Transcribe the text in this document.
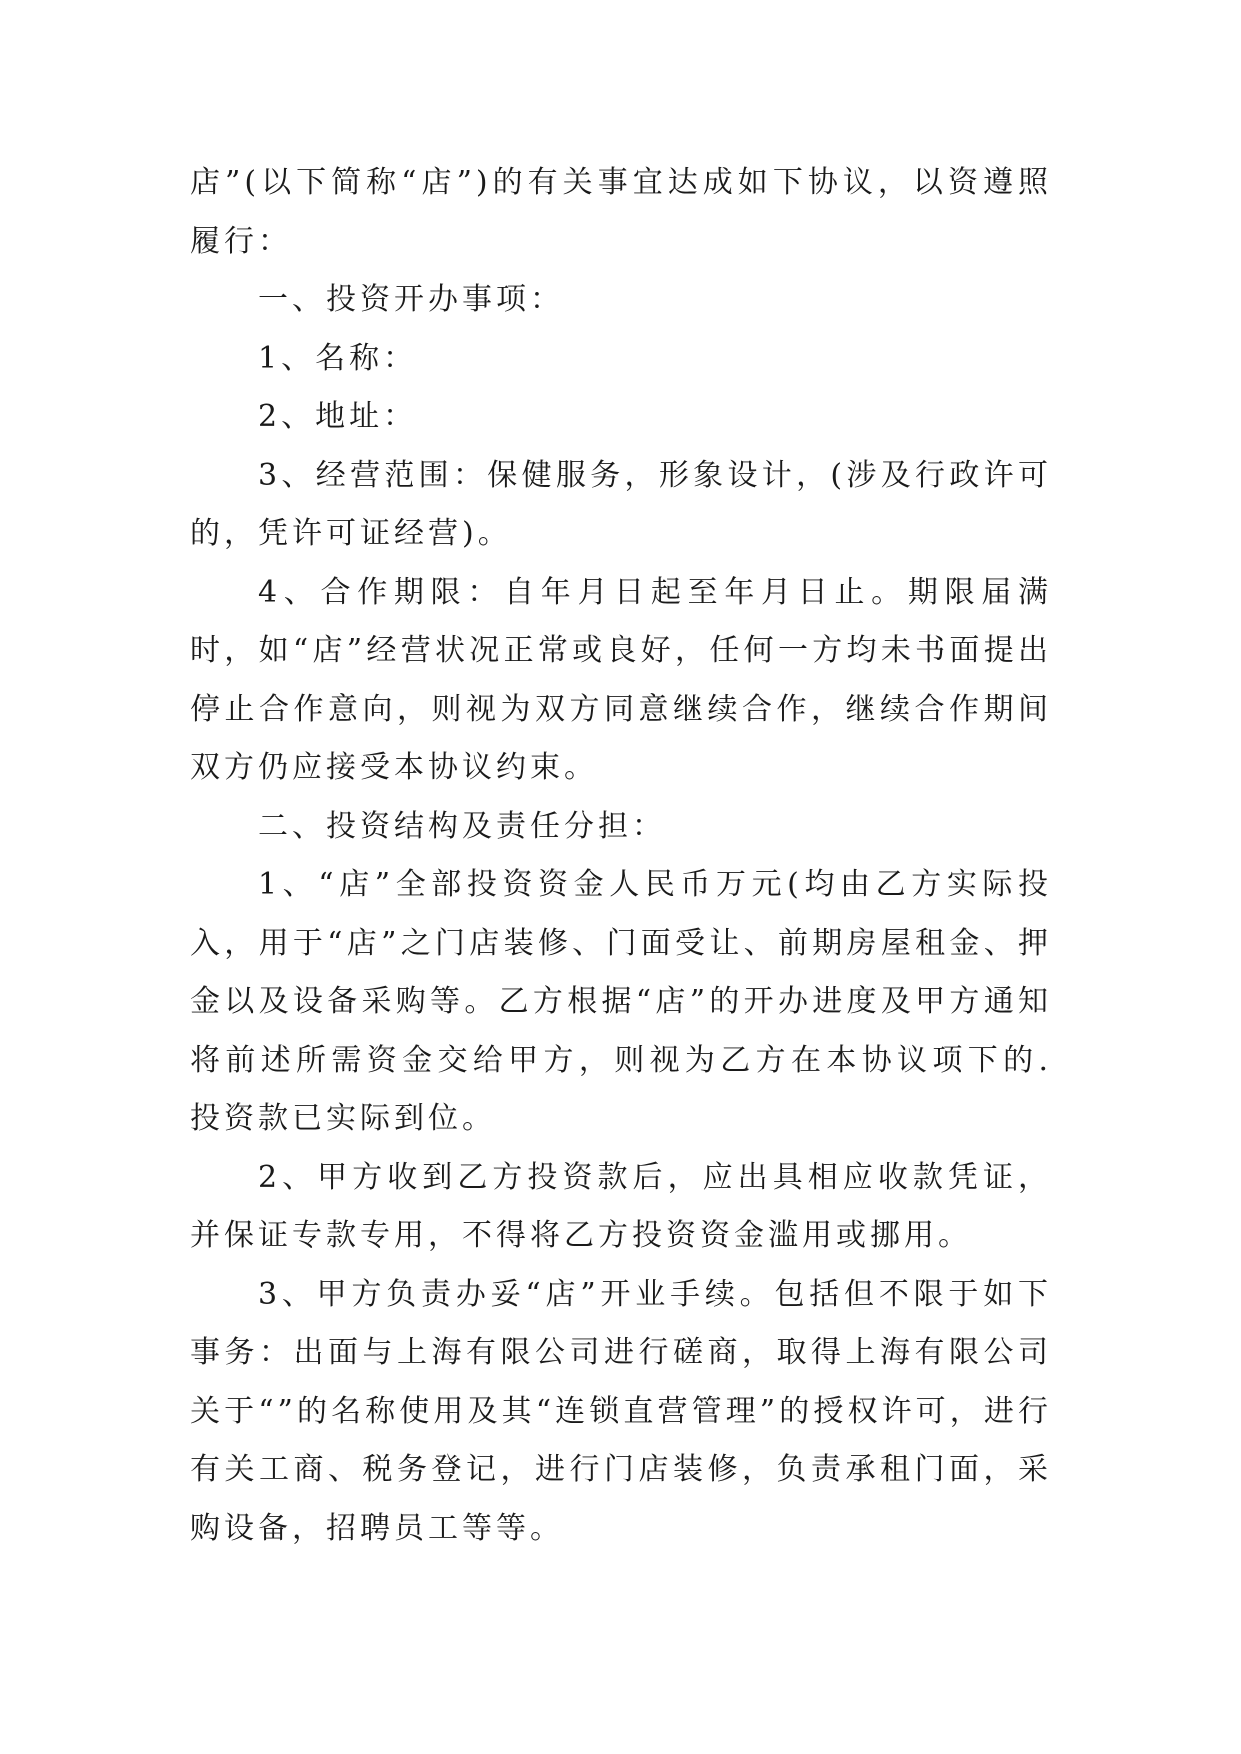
店”(以下简称“店”)的有关事宜达成如下协议，以资遵照履行：

一、投资开办事项：

1、名称：

2、地址：

3、经营范围：保健服务，形象设计，(涉及行政许可的，凭许可证经营)。

4、合作期限：自年月日起至年月日止。期限届满时，如“店”经营状况正常或良好，任何一方均未书面提出停止合作意向，则视为双方同意继续合作，继续合作期间双方仍应接受本协议约束。

二、投资结构及责任分担：

1、“店”全部投资资金人民币万元(均由乙方实际投入，用于“店”之门店装修、门面受让、前期房屋租金、押金以及设备采购等。乙方根据“店”的开办进度及甲方通知将前述所需资金交给甲方，则视为乙方在本协议项下的.投资款已实际到位。

2、甲方收到乙方投资款后，应出具相应收款凭证，并保证专款专用，不得将乙方投资资金滥用或挪用。

3、甲方负责办妥“店”开业手续。包括但不限于如下事务：出面与上海有限公司进行磋商，取得上海有限公司关于“”的名称使用及其“连锁直营管理”的授权许可，进行有关工商、税务登记，进行门店装修，负责承租门面，采购设备，招聘员工等等。
